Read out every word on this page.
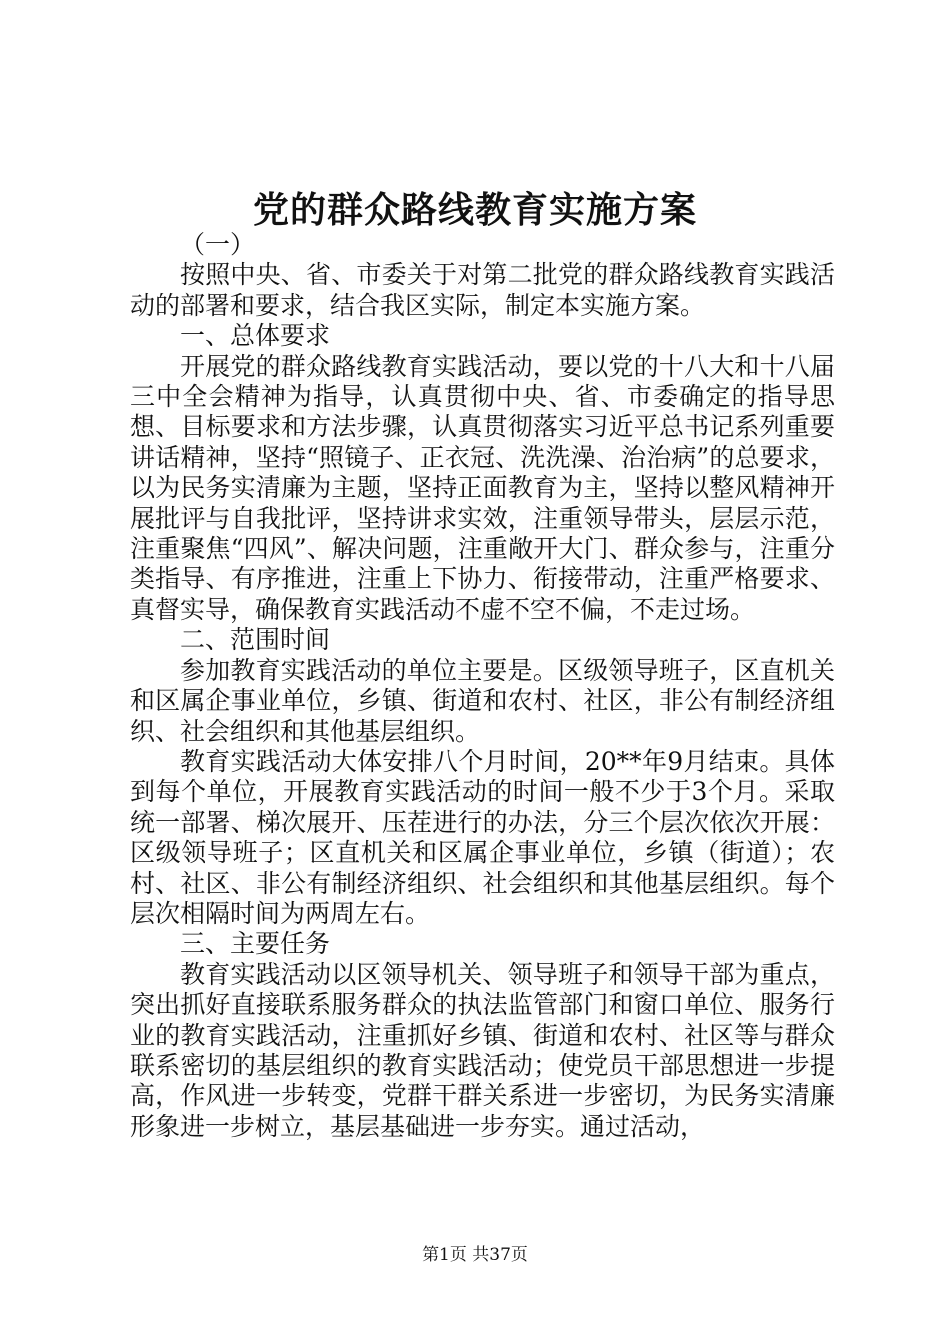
党的群众路线教育实施方案

（一）

按照中央、省、市委关于对第二批党的群众路线教育实践活动的部署和要求，结合我区实际，制定本实施方案。

一、总体要求

开展党的群众路线教育实践活动，要以党的十八大和十八届三中全会精神为指导，认真贯彻中央、省、市委确定的指导思想、目标要求和方法步骤，认真贯彻落实习近平总书记系列重要讲话精神，坚持“照镜子、正衣冠、洗洗澡、治治病”的总要求，以为民务实清廉为主题，坚持正面教育为主，坚持以整风精神开展批评与自我批评，坚持讲求实效，注重领导带头，层层示范，注重聚焦“四风”、解决问题，注重敞开大门、群众参与，注重分类指导、有序推进，注重上下协力、衔接带动，注重严格要求、真督实导，确保教育实践活动不虚不空不偏，不走过场。

二、范围时间

参加教育实践活动的单位主要是。区级领导班子，区直机关和区属企事业单位，乡镇、街道和农村、社区，非公有制经济组织、社会组织和其他基层组织。

教育实践活动大体安排八个月时间，20**年9月结束。具体到每个单位，开展教育实践活动的时间一般不少于3个月。采取统一部署、梯次展开、压茬进行的办法，分三个层次依次开展：区级领导班子；区直机关和区属企事业单位，乡镇（街道）；农村、社区、非公有制经济组织、社会组织和其他基层组织。每个层次相隔时间为两周左右。

三、主要任务

教育实践活动以区领导机关、领导班子和领导干部为重点，突出抓好直接联系服务群众的执法监管部门和窗口单位、服务行业的教育实践活动，注重抓好乡镇、街道和农村、社区等与群众联系密切的基层组织的教育实践活动；使党员干部思想进一步提高，作风进一步转变，党群干群关系进一步密切，为民务实清廉形象进一步树立，基层基础进一步夯实。通过活动，

第1页 共37页
